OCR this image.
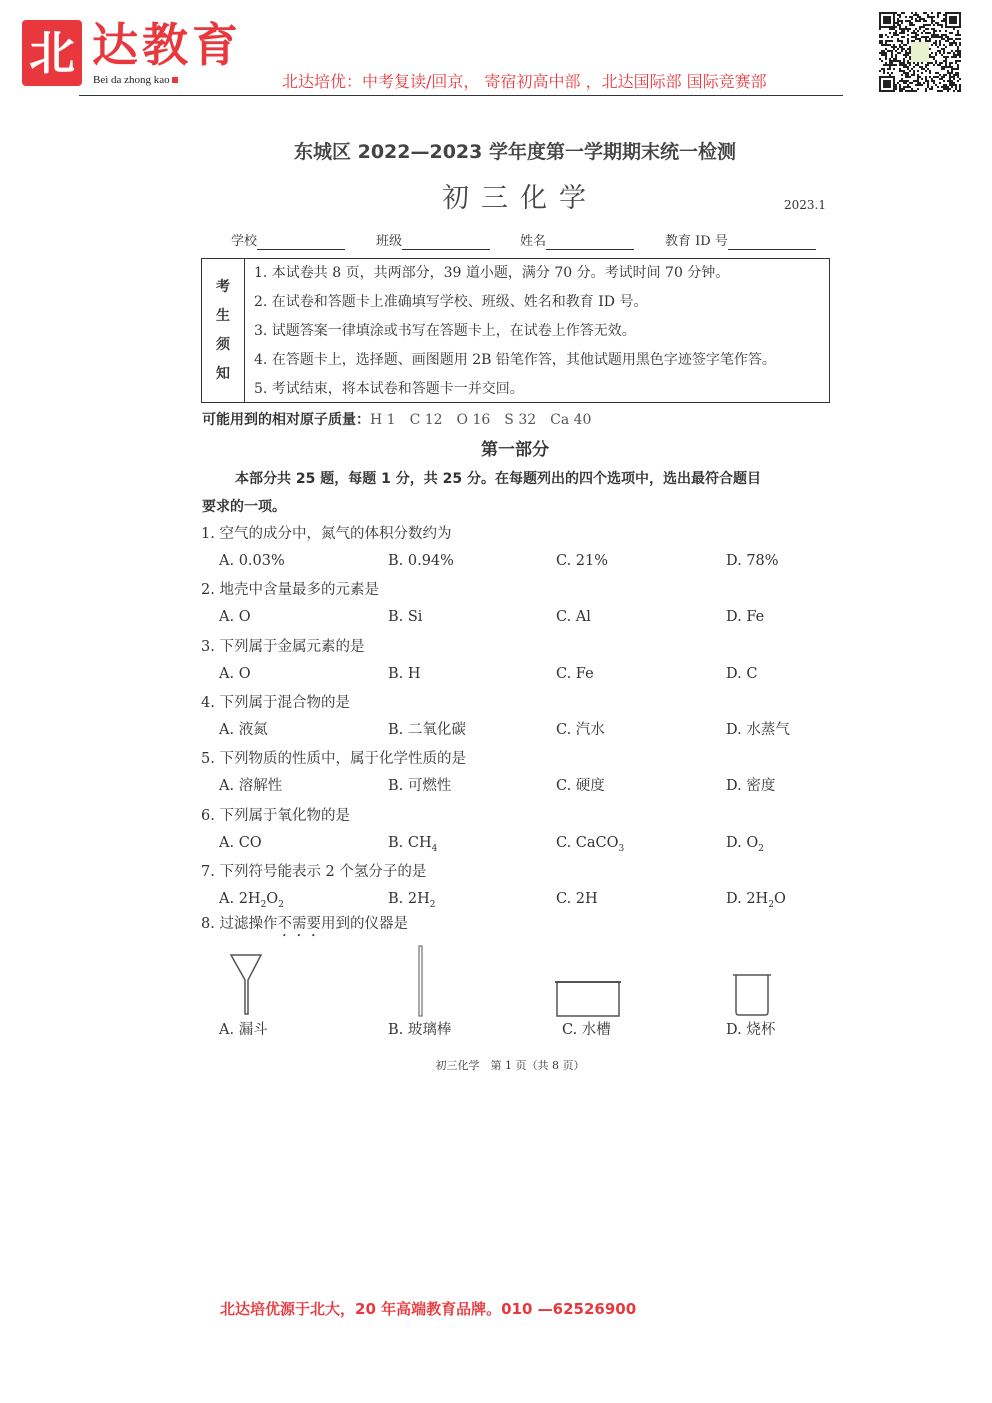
北 达教育
Beì da zhong kao	北达培优：中考复读/回京， 寄宿初高中部 ，北达国际部 国际竞赛部
东城区 2022—2023 学年度第一学期期末统一检测
初三化学	2023.1
学校	班级	姓名	教育 ID 号
考
生
须
知
1. 本试卷共 8 页，共两部分，39 道小题，满分 70 分。考试时间 70 分钟。
2. 在试卷和答题卡上准确填写学校、班级、姓名和教育 ID 号。
3. 试题答案一律填涂或书写在答题卡上，在试卷上作答无效。
4. 在答题卡上，选择题、画图题用 2B 铅笔作答，其他试题用黑色字迹签字笔作答。
5. 考试结束，将本试卷和答题卡一并交回。
可能用到的相对原子质量：H 1　C 12　O 16　S 32　Ca 40
第一部分
本部分共 25 题，每题 1 分，共 25 分。在每题列出的四个选项中，选出最符合题目
要求的一项。
1. 空气的成分中，氮气的体积分数约为
A. 0.03%	B. 0.94%	C. 21%	D. 78%
2. 地壳中含量最多的元素是
A. O	B. Si	C. Al	D. Fe
3. 下列属于金属元素的是
A. O	B. H	C. Fe	D. C
4. 下列属于混合物的是
A. 液氮	B. 二氧化碳	C. 汽水	D. 水蒸气
5. 下列物质的性质中，属于化学性质的是
A. 溶解性	B. 可燃性	C. 硬度	D. 密度
6. 下列属于氧化物的是
A. CO	B. $CH_4$	C. CaCO$_3$	D. $O_2$
7. 下列符号能表示 2 个氢分子的是
A. $2H_2O_2$	B. $2H_2$	C. 2H	D. $2H_2O$
8. 过滤操作不需要用到的仪器是
A. 漏斗	B. 玻璃棒	C. 水槽	D. 烧杯
初三化学　第 1 页（共 8 页）
北达培优源于北大，20 年高端教育品牌。010 —62526900
